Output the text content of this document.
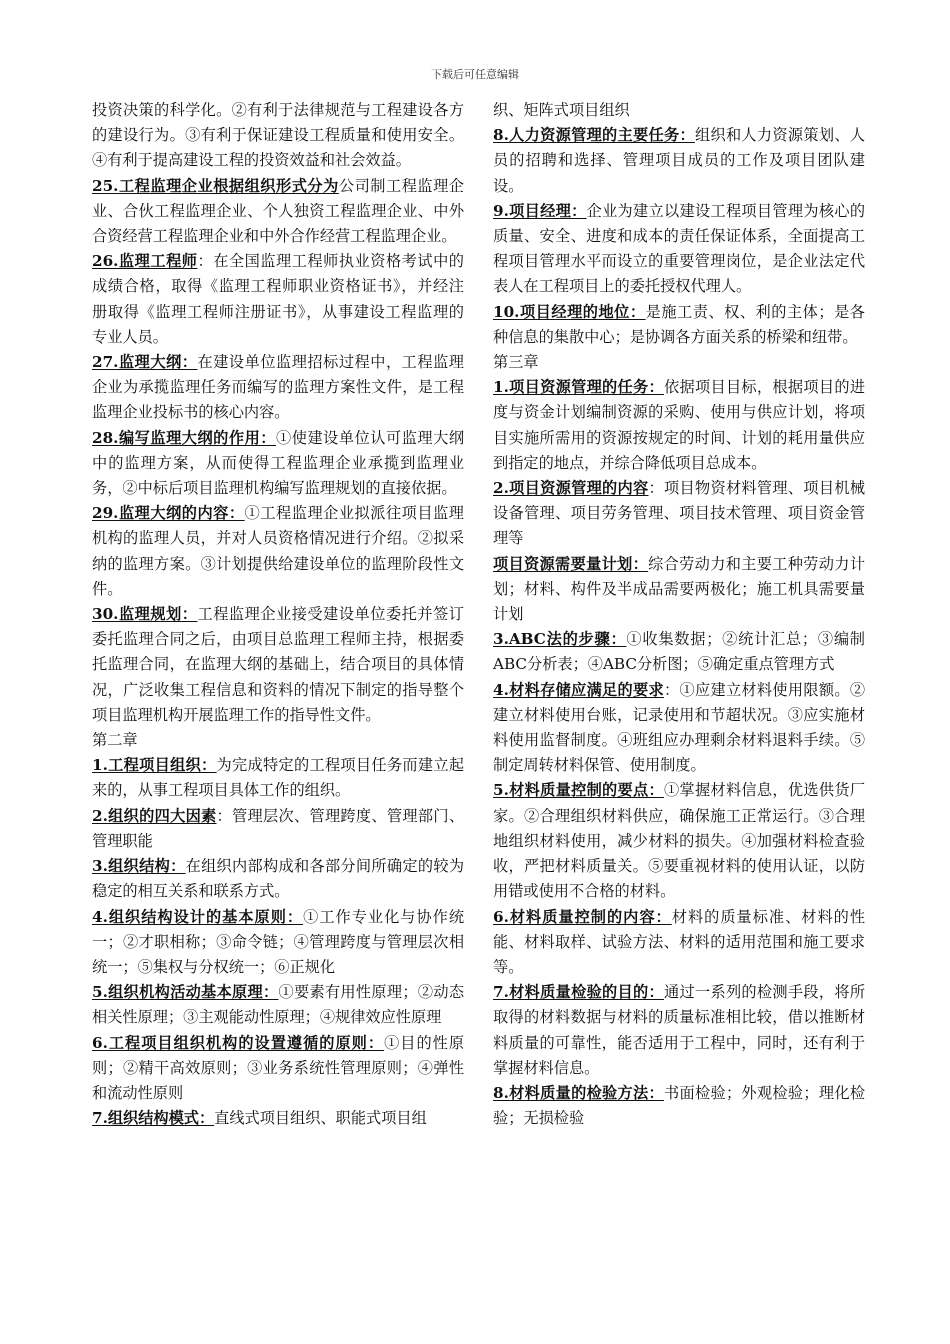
下载后可任意编辑

投资决策的科学化。②有利于法律规范与工程建设各方的建设行为。③有利于保证建设工程质量和使用安全。④有利于提高建设工程的投资效益和社会效益。

25.工程监理企业根据组织形式分为公司制工程监理企业、合伙工程监理企业、个人独资工程监理企业、中外合资经营工程监理企业和中外合作经营工程监理企业。

26.监理工程师：在全国监理工程师执业资格考试中的成绩合格，取得《监理工程师职业资格证书》，并经注册取得《监理工程师注册证书》，从事建设工程监理的专业人员。

27.监理大纲：在建设单位监理招标过程中，工程监理企业为承揽监理任务而编写的监理方案性文件，是工程监理企业投标书的核心内容。

28.编写监理大纲的作用：①使建设单位认可监理大纲中的监理方案，从而使得工程监理企业承揽到监理业务，②中标后项目监理机构编写监理规划的直接依据。

29.监理大纲的内容：①工程监理企业拟派往项目监理机构的监理人员，并对人员资格情况进行介绍。②拟采纳的监理方案。③计划提供给建设单位的监理阶段性文件。

30.监理规划：工程监理企业接受建设单位委托并签订委托监理合同之后，由项目总监理工程师主持，根据委托监理合同，在监理大纲的基础上，结合项目的具体情况，广泛收集工程信息和资料的情况下制定的指导整个项目监理机构开展监理工作的指导性文件。

第二章

1.工程项目组织：为完成特定的工程项目任务而建立起来的，从事工程项目具体工作的组织。

2.组织的四大因素：管理层次、管理跨度、管理部门、管理职能

3.组织结构：在组织内部构成和各部分间所确定的较为稳定的相互关系和联系方式。

4.组织结构设计的基本原则：①工作专业化与协作统一；②才职相称；③命令链；④管理跨度与管理层次相统一；⑤集权与分权统一；⑥正规化

5.组织机构活动基本原理：①要素有用性原理；②动态相关性原理；③主观能动性原理；④规律效应性原理

6.工程项目组织机构的设置遵循的原则：①目的性原则；②精干高效原则；③业务系统性管理原则；④弹性和流动性原则

7.组织结构模式：直线式项目组织、职能式项目组

织、矩阵式项目组织

8.人力资源管理的主要任务：组织和人力资源策划、人员的招聘和选择、管理项目成员的工作及项目团队建设。

9.项目经理：企业为建立以建设工程项目管理为核心的质量、安全、进度和成本的责任保证体系，全面提高工程项目管理水平而设立的重要管理岗位，是企业法定代表人在工程项目上的委托授权代理人。

10.项目经理的地位：是施工责、权、利的主体；是各种信息的集散中心；是协调各方面关系的桥梁和纽带。

第三章

1.项目资源管理的任务：依据项目目标，根据项目的进度与资金计划编制资源的采购、使用与供应计划，将项目实施所需用的资源按规定的时间、计划的耗用量供应到指定的地点，并综合降低项目总成本。

2.项目资源管理的内容：项目物资材料管理、项目机械设备管理、项目劳务管理、项目技术管理、项目资金管理等

项目资源需要量计划：综合劳动力和主要工种劳动力计划；材料、构件及半成品需要两极化；施工机具需要量计划

3.ABC法的步骤：①收集数据；②统计汇总；③编制ABC分析表；④ABC分析图；⑤确定重点管理方式

4.材料存储应满足的要求：①应建立材料使用限额。②建立材料使用台账，记录使用和节超状况。③应实施材料使用监督制度。④班组应办理剩余材料退料手续。⑤制定周转材料保管、使用制度。

5.材料质量控制的要点：①掌握材料信息，优选供货厂家。②合理组织材料供应，确保施工正常运行。③合理地组织材料使用，减少材料的损失。④加强材料检查验收，严把材料质量关。⑤要重视材料的使用认证，以防用错或使用不合格的材料。

6.材料质量控制的内容：材料的质量标准、材料的性能、材料取样、试验方法、材料的适用范围和施工要求等。

7.材料质量检验的目的：通过一系列的检测手段，将所取得的材料数据与材料的质量标准相比较，借以推断材料质量的可靠性，能否适用于工程中，同时，还有利于掌握材料信息。

8.材料质量的检验方法：书面检验；外观检验；理化检验；无损检验
